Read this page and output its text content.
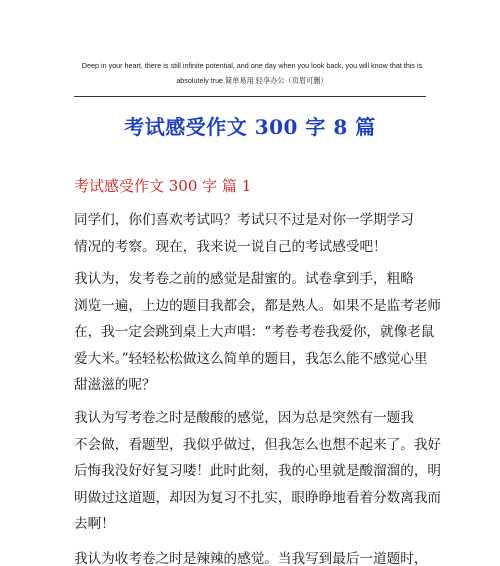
Deep in your heart, there is still infinite potential, and one day when you look back, you will know that this is
absolutely true.简单易用 轻享办公（页眉可删）
考试感受作文 300 字 8 篇
考试感受作文 300 字 篇 1
同学们，你们喜欢考试吗？考试只不过是对你一学期学习
情况的考察。现在，我来说一说自己的考试感受吧！
我认为，发考卷之前的感觉是甜蜜的。试卷拿到手，粗略
浏览一遍，上边的题目我都会，都是熟人。如果不是监考老师
在，我一定会跳到桌上大声唱：“考卷考卷我爱你，就像老鼠
爱大米。”轻轻松松做这么简单的题目，我怎么能不感觉心里
甜滋滋的呢？
我认为写考卷之时是酸酸的感觉，因为总是突然有一题我
不会做，看题型，我似乎做过，但我怎么也想不起来了。我好
后悔我没好好复习喽！此时此刻，我的心里就是酸溜溜的，明
明做过这道题，却因为复习不扎实，眼睁睁地看着分数离我而
去啊！
我认为收考卷之时是辣辣的感觉。当我写到最后一道题时，
